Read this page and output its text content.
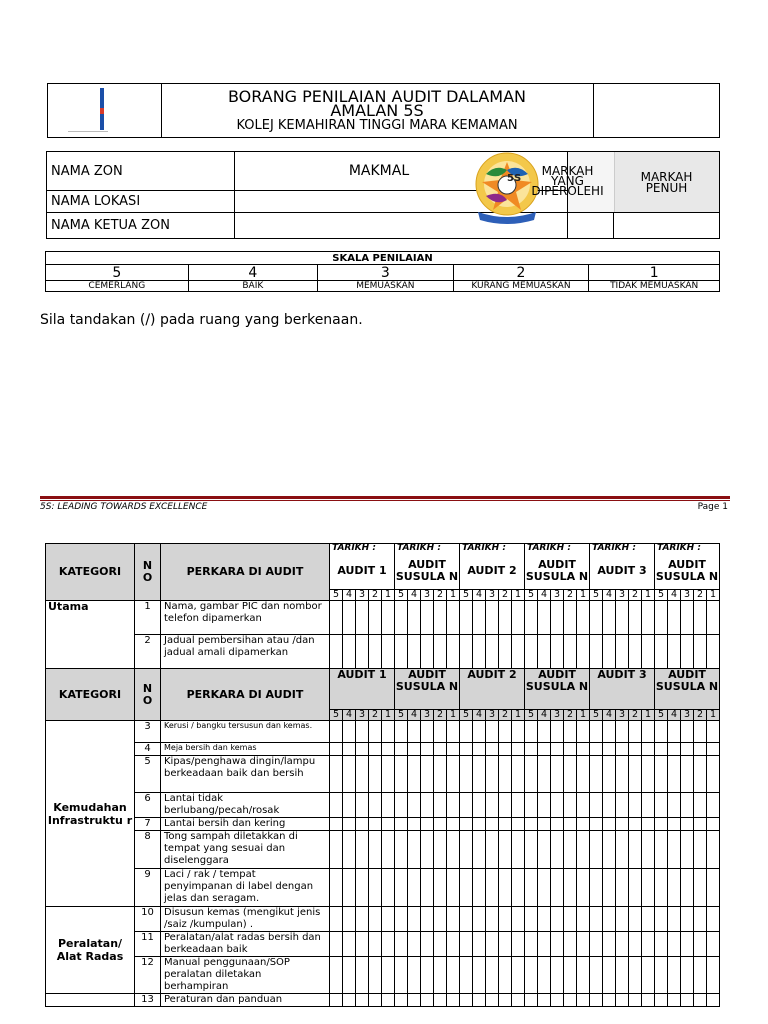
BORANG PENILAIAN AUDIT DALAMAN
AMALAN 5S
KOLEJ KEMAHIRAN TINGGI MARA KEMAMAN
NAMA ZON	MAKMAL
NAMA LOKASI
NAMA KETUA ZON
5S
MARKAH
YANG
DIPEROLEHI
MARKAH
PENUH
SKALA PENILAIAN				
5	4	3	2	1
CEMERLANG	BAIK	MEMUASKAN	KURANG MEMUASKAN	TIDAK MEMUASKAN
Sila tandakan (/) pada ruang yang berkenaan.
5S: LEADING TOWARDS EXCELLENCE	Page 1
KATEGORI	N O	PERKARA DI AUDIT	TARIKH :					TARIKH :					TARIKH :					TARIKH :					TARIKH :					TARIKH :				
			AUDIT 1					AUDIT SUSULA N					AUDIT 2					AUDIT SUSULA N					AUDIT 3					AUDIT SUSULA N				
			5	4	3	2	1	5	4	3	2	1	5	4	3	2	1	5	4	3	2	1	5	4	3	2	1	5	4	3	2	1
Utama	1	Nama, gambar PIC dan nombor telefon dipamerkan																														
	2	Jadual pembersihan atau /dan jadual amali dipamerkan																														
KATEGORI	N O	PERKARA DI AUDIT	AUDIT 1					AUDIT SUSULA N					AUDIT 2					AUDIT SUSULA N					AUDIT 3					AUDIT SUSULA N				
			5	4	3	2	1	5	4	3	2	1	5	4	3	2	1	5	4	3	2	1	5	4	3	2	1	5	4	3	2	1
Kemudahan Infrastruktu r	3	Kerusi / bangku tersusun dan kemas.																														
	4	Meja bersih dan kemas																														
	5	Kipas/penghawa dingin/lampu berkeadaan baik dan bersih																														
	6	Lantai tidak berlubang/pecah/rosak																														
	7	Lantai bersih dan kering																														
	8	Tong sampah diletakkan di tempat yang sesuai dan diselenggara																														
	9	Laci / rak / tempat penyimpanan di label dengan jelas dan seragam.																														
Peralatan/ Alat Radas	10	Disusun kemas (mengikut jenis /saiz /kumpulan) .																														
	11	Peralatan/alat radas bersih dan berkeadaan baik																														
	12	Manual penggunaan/SOP peralatan diletakan berhampiran																														
	13	Peraturan dan panduan																														
